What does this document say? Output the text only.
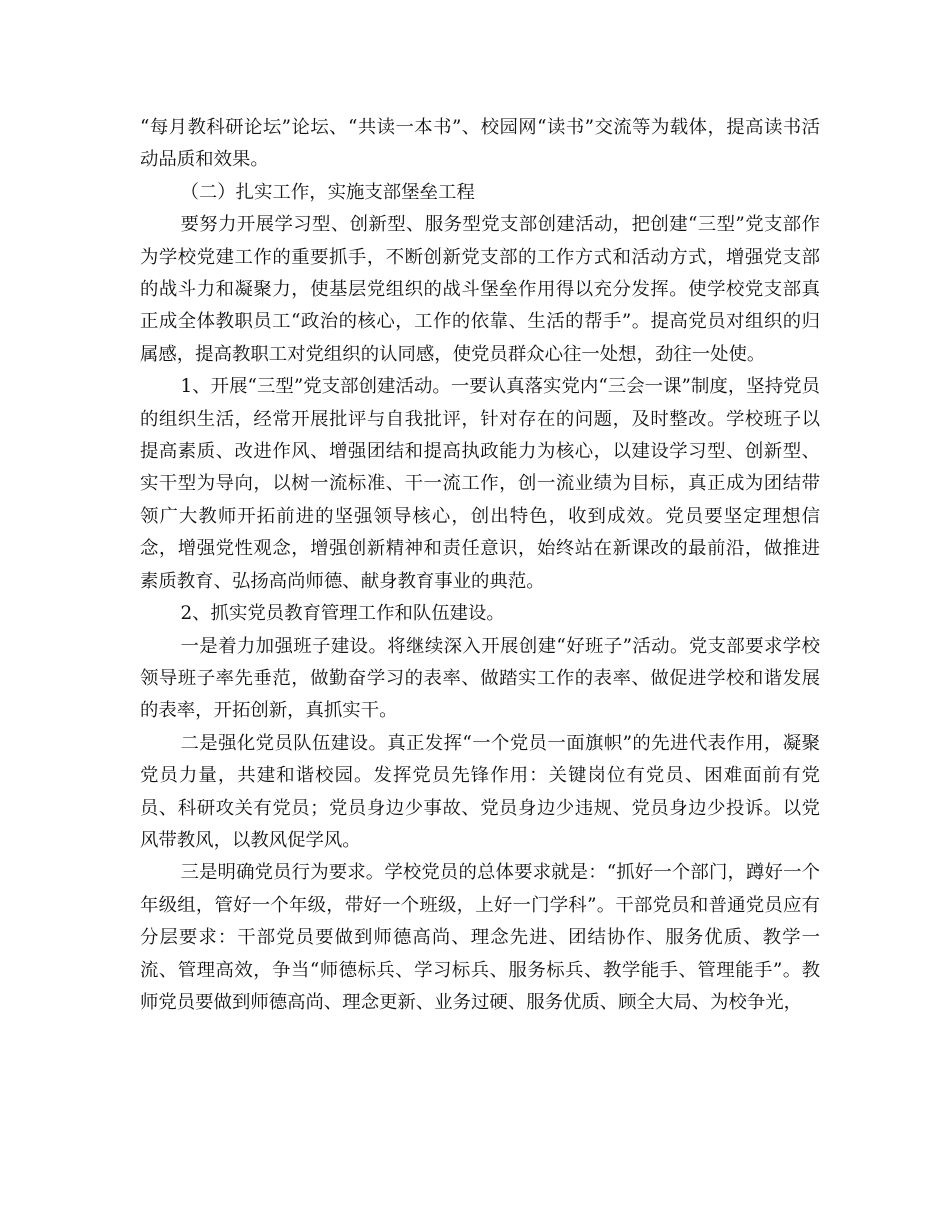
“每月教科研论坛”论坛、“共读一本书”、校园网“读书”交流等为载体，提高读书活动品质和效果。

（二）扎实工作，实施支部堡垒工程

要努力开展学习型、创新型、服务型党支部创建活动，把创建“三型”党支部作为学校党建工作的重要抓手，不断创新党支部的工作方式和活动方式，增强党支部的战斗力和凝聚力，使基层党组织的战斗堡垒作用得以充分发挥。使学校党支部真正成全体教职员工“政治的核心，工作的依靠、生活的帮手”。提高党员对组织的归属感，提高教职工对党组织的认同感，使党员群众心往一处想，劲往一处使。

1、开展“三型”党支部创建活动。一要认真落实党内“三会一课”制度，坚持党员的组织生活，经常开展批评与自我批评，针对存在的问题，及时整改。学校班子以提高素质、改进作风、增强团结和提高执政能力为核心，以建设学习型、创新型、实干型为导向，以树一流标准、干一流工作，创一流业绩为目标，真正成为团结带领广大教师开拓前进的坚强领导核心，创出特色，收到成效。党员要坚定理想信念，增强党性观念，增强创新精神和责任意识，始终站在新课改的最前沿，做推进素质教育、弘扬高尚师德、献身教育事业的典范。

2、抓实党员教育管理工作和队伍建设。

一是着力加强班子建设。将继续深入开展创建“好班子”活动。党支部要求学校领导班子率先垂范，做勤奋学习的表率、做踏实工作的表率、做促进学校和谐发展的表率，开拓创新，真抓实干。

二是强化党员队伍建设。真正发挥“一个党员一面旗帜”的先进代表作用，凝聚党员力量，共建和谐校园。发挥党员先锋作用：关键岗位有党员、困难面前有党员、科研攻关有党员；党员身边少事故、党员身边少违规、党员身边少投诉。以党风带教风，以教风促学风。

三是明确党员行为要求。学校党员的总体要求就是：“抓好一个部门，蹲好一个年级组，管好一个年级，带好一个班级，上好一门学科”。干部党员和普通党员应有分层要求：干部党员要做到师德高尚、理念先进、团结协作、服务优质、教学一流、管理高效，争当“师德标兵、学习标兵、服务标兵、教学能手、管理能手”。教师党员要做到师德高尚、理念更新、业务过硬、服务优质、顾全大局、为校争光，
